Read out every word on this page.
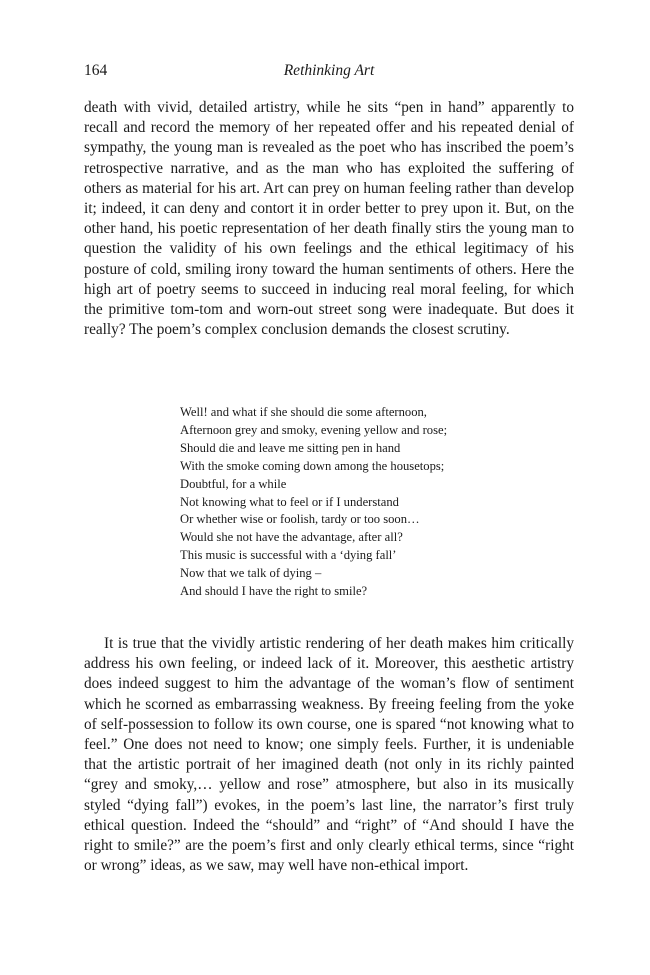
164	Rethinking Art

death with vivid, detailed artistry, while he sits “pen in hand” apparently to recall and record the memory of her repeated offer and his repeated denial of sympathy, the young man is revealed as the poet who has inscribed the poem’s retrospective narrative, and as the man who has exploited the suffering of others as material for his art. Art can prey on human feeling rather than develop it; indeed, it can deny and contort it in order better to prey upon it. But, on the other hand, his poetic representation of her death finally stirs the young man to question the validity of his own feelings and the ethical legitimacy of his posture of cold, smiling irony toward the human sentiments of others. Here the high art of poetry seems to succeed in inducing real moral feeling, for which the primitive tom-tom and worn-out street song were inadequate. But does it really? The poem’s complex conclusion demands the closest scrutiny.

Well! and what if she should die some afternoon,
Afternoon grey and smoky, evening yellow and rose;
Should die and leave me sitting pen in hand
With the smoke coming down among the housetops;
Doubtful, for a while
Not knowing what to feel or if I understand
Or whether wise or foolish, tardy or too soon…
Would she not have the advantage, after all?
This music is successful with a ‘dying fall’
Now that we talk of dying –
And should I have the right to smile?

It is true that the vividly artistic rendering of her death makes him critically address his own feeling, or indeed lack of it. Moreover, this aesthetic artistry does indeed suggest to him the advantage of the woman’s flow of sentiment which he scorned as embarrassing weakness. By freeing feeling from the yoke of self-possession to follow its own course, one is spared “not knowing what to feel.” One does not need to know; one simply feels. Further, it is undeniable that the artistic portrait of her imagined death (not only in its richly painted “grey and smoky,… yellow and rose” atmosphere, but also in its musically styled “dying fall”) evokes, in the poem’s last line, the narrator’s first truly ethical question. Indeed the “should” and “right” of “And should I have the right to smile?” are the poem’s first and only clearly ethical terms, since “right or wrong” ideas, as we saw, may well have non-ethical import.
